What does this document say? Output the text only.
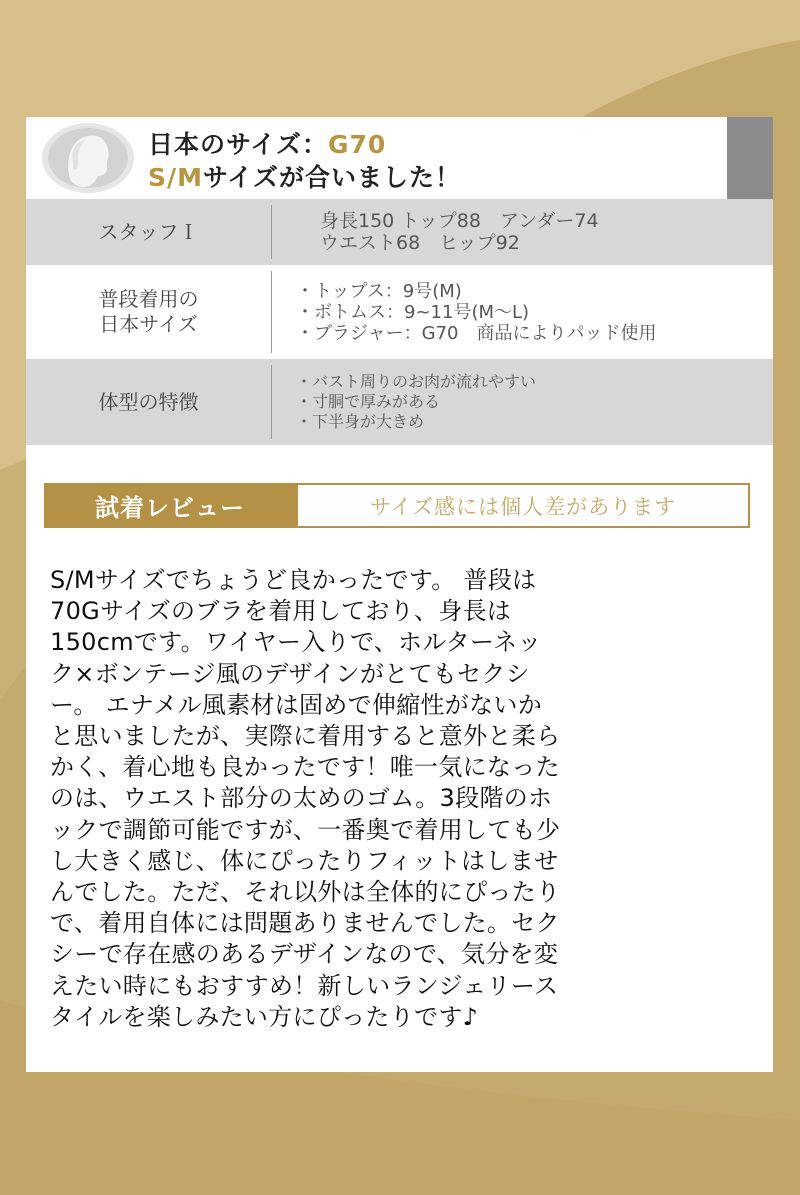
日本のサイズ：G70
S/Mサイズが合いました！
スタッフＩ	身長150 トップ88　アンダー74
ウエスト68　ヒップ92
普段着用の
日本サイズ
・トップス：9号(M)
・ボトムス：9~11号(M～L)
・ブラジャー：G70　商品によりパッド使用
体型の特徴
・バスト周りのお肉が流れやすい
・寸胴で厚みがある
・下半身が大きめ
試着レビュー	サイズ感には個人差があります
S/Mサイズでちょうど良かったです。 普段は
70Gサイズのブラを着用しており、身長は
150cmです。ワイヤー入りで、ホルターネッ
ク×ボンテージ風のデザインがとてもセクシ
ー。 エナメル風素材は固めで伸縮性がないか
と思いましたが、実際に着用すると意外と柔ら
かく、着心地も良かったです！唯一気になった
のは、ウエスト部分の太めのゴム。3段階のホ
ックで調節可能ですが、一番奥で着用しても少
し大きく感じ、体にぴったりフィットはしませ
んでした。ただ、それ以外は全体的にぴったり
で、着用自体には問題ありませんでした。セク
シーで存在感のあるデザインなので、気分を変
えたい時にもおすすめ！新しいランジェリース
タイルを楽しみたい方にぴったりです♪
